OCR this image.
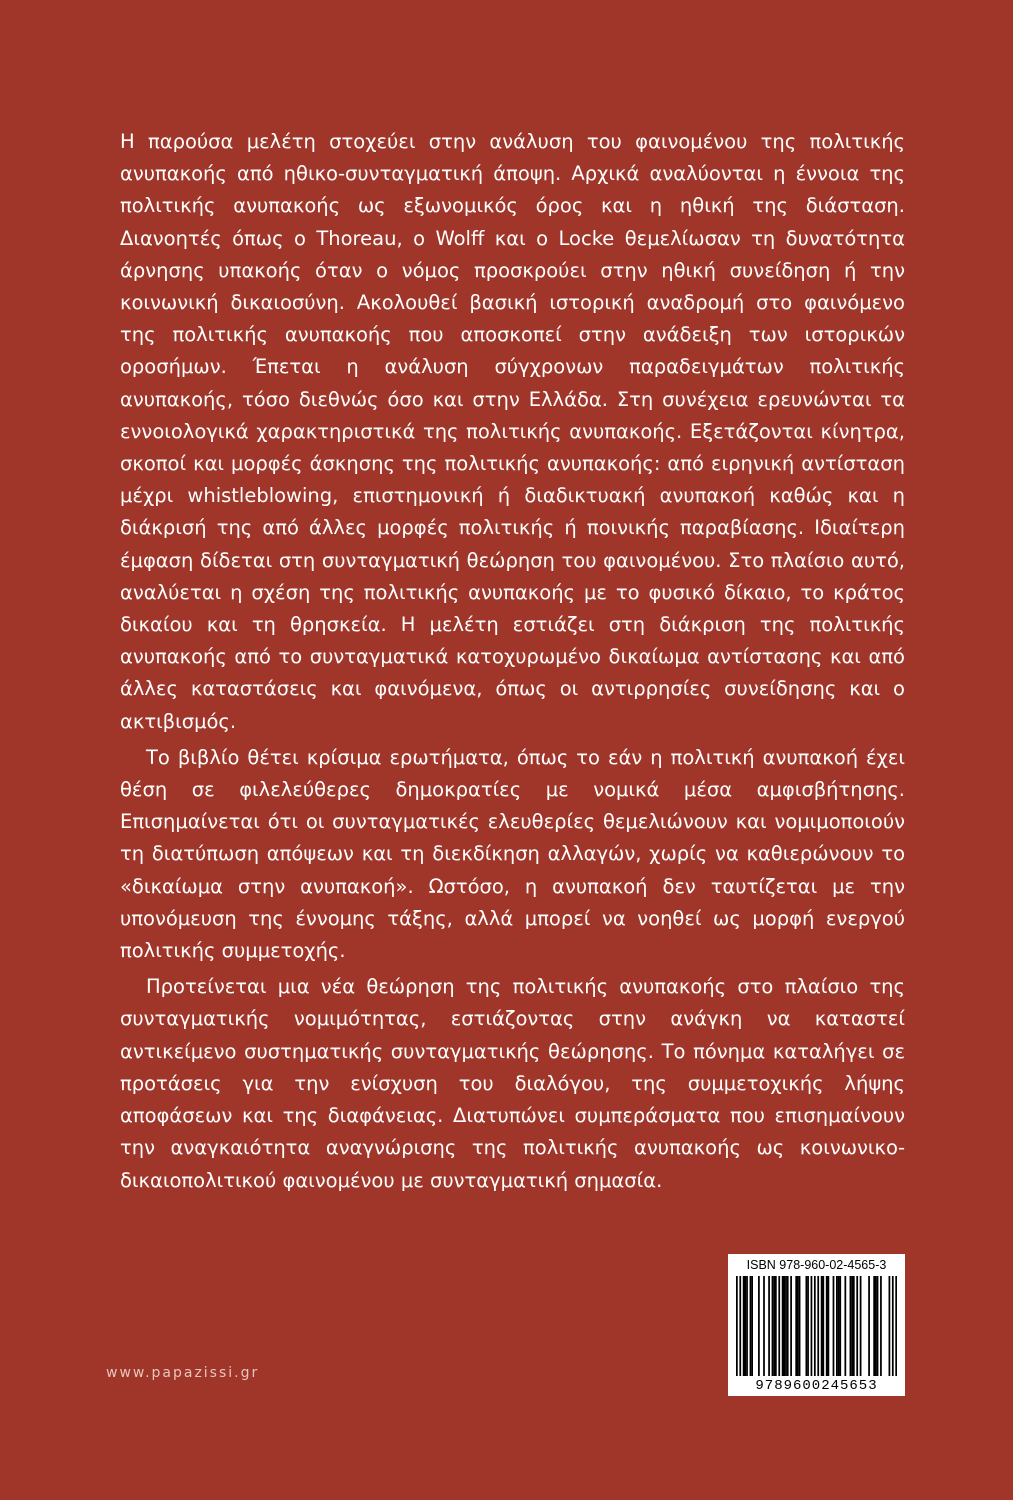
Η παρούσα μελέτη στοχεύει στην ανάλυση του φαινομένου της πολιτικής ανυπακοής από ηθικο-συνταγματική άποψη. Αρχικά αναλύονται η έννοια της πολιτικής ανυπακοής ως εξωνομικός όρος και η ηθική της διάσταση. Διανοητές όπως ο Thoreau, ο Wolff και ο Locke θεμελίωσαν τη δυνατότητα άρνησης υπακοής όταν ο νόμος προσκρούει στην ηθική συνείδηση ή την κοινωνική δικαιοσύνη. Ακολουθεί βασική ιστορική αναδρομή στο φαινόμενο της πολιτικής ανυπακοής που αποσκοπεί στην ανάδειξη των ιστορικών οροσήμων. Έπεται η ανάλυση σύγχρονων παραδειγμάτων πολιτικής ανυπακοής, τόσο διεθνώς όσο και στην Ελλάδα. Στη συνέχεια ερευνώνται τα εννοιολογικά χαρακτηριστικά της πολιτικής ανυπακοής. Εξετάζονται κίνητρα, σκοποί και μορφές άσκησης της πολιτικής ανυπακοής: από ειρηνική αντίσταση μέχρι whistleblowing, επιστημονική ή διαδικτυακή ανυπακοή καθώς και η διάκρισή της από άλλες μορφές πολιτικής ή ποινικής παραβίασης. Ιδιαίτερη έμφαση δίδεται στη συνταγματική θεώρηση του φαινομένου. Στο πλαίσιο αυτό, αναλύεται η σχέση της πολιτικής ανυπακοής με το φυσικό δίκαιο, το κράτος δικαίου και τη θρησκεία. Η μελέτη εστιάζει στη διάκριση της πολιτικής ανυπακοής από το συνταγματικά κατοχυρωμένο δικαίωμα αντίστασης και από άλλες καταστάσεις και φαινόμενα, όπως οι αντιρρησίες συνείδησης και ο ακτιβισμός.

Το βιβλίο θέτει κρίσιμα ερωτήματα, όπως το εάν η πολιτική ανυπακοή έχει θέση σε φιλελεύθερες δημοκρατίες με νομικά μέσα αμφισβήτησης. Επισημαίνεται ότι οι συνταγματικές ελευθερίες θεμελιώνουν και νομιμοποιούν τη διατύπωση απόψεων και τη διεκδίκηση αλλαγών, χωρίς να καθιερώνουν το «δικαίωμα στην ανυπακοή». Ωστόσο, η ανυπακοή δεν ταυτίζεται με την υπονόμευση της έννομης τάξης, αλλά μπορεί να νοηθεί ως μορφή ενεργού πολιτικής συμμετοχής.

Προτείνεται μια νέα θεώρηση της πολιτικής ανυπακοής στο πλαίσιο της συνταγματικής νομιμότητας, εστιάζοντας στην ανάγκη να καταστεί αντικείμενο συστηματικής συνταγματικής θεώρησης. Το πόνημα καταλήγει σε προτάσεις για την ενίσχυση του διαλόγου, της συμμετοχικής λήψης αποφάσεων και της διαφάνειας. Διατυπώνει συμπεράσματα που επισημαίνουν την αναγκαιότητα αναγνώρισης της πολιτικής ανυπακοής ως κοινωνικο-δικαιοπολιτικού φαινομένου με συνταγματική σημασία.

www.papazissi.gr
ISBN 978-960-02-4565-3
9789600245653
